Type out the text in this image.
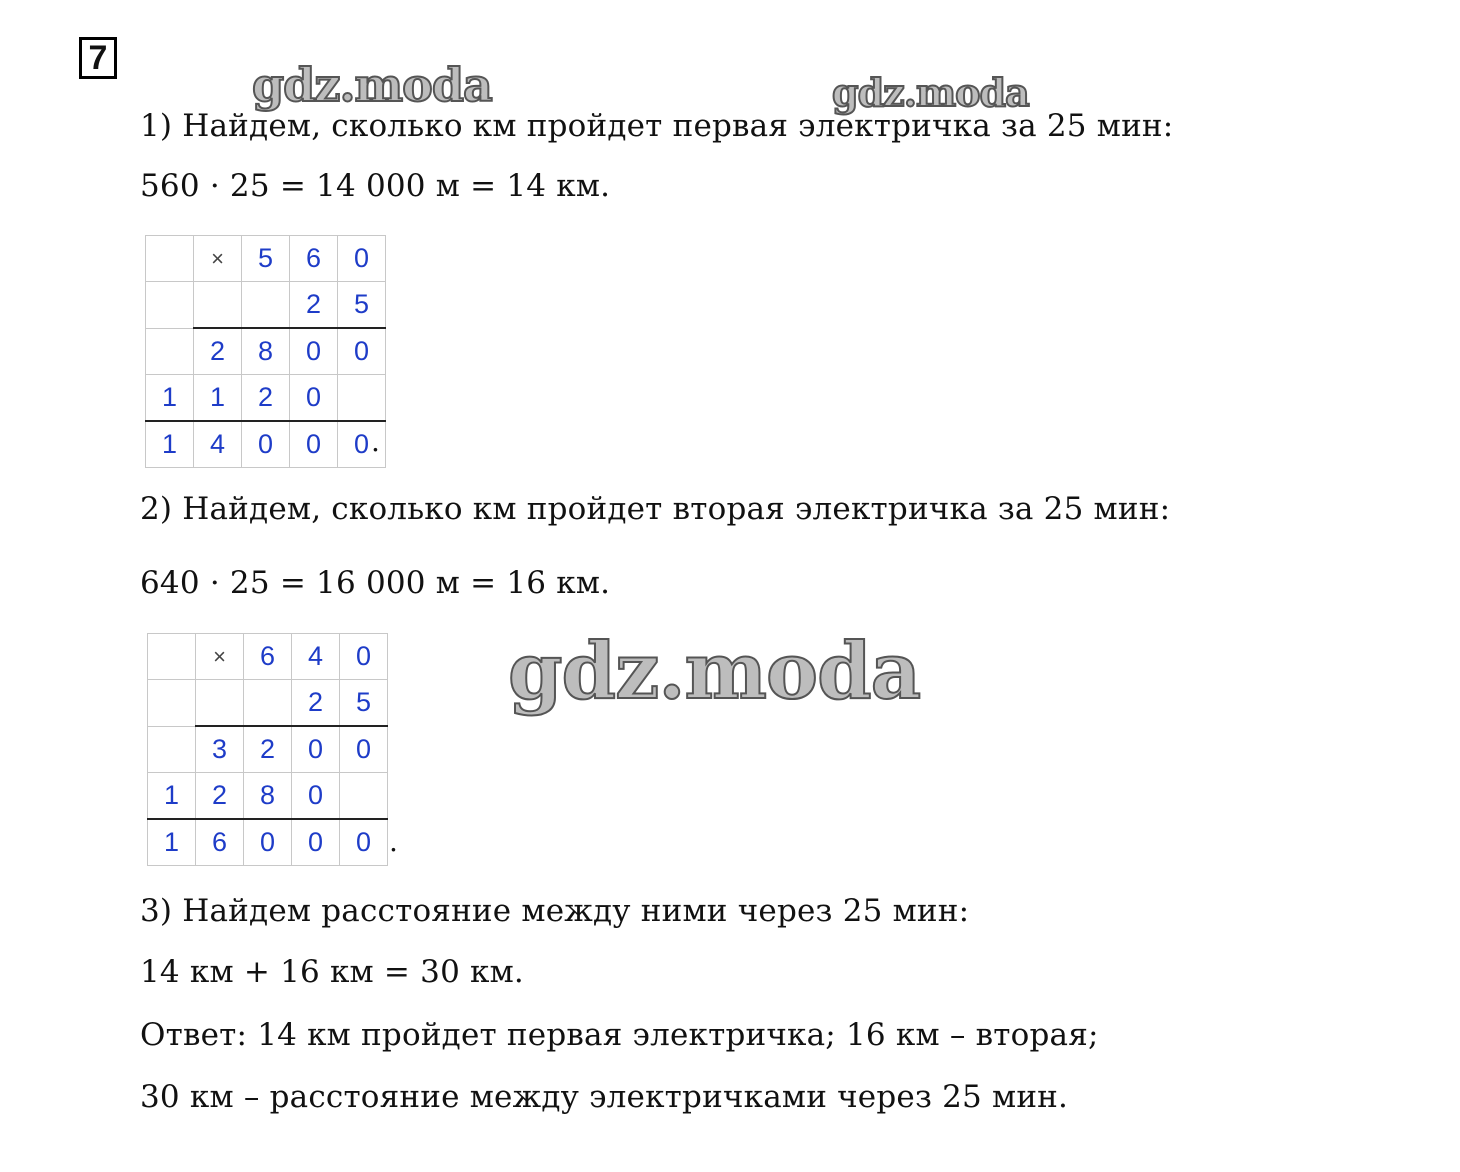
7	gdz.moda	gdz.moda
1) Найдем, сколько км пройдет первая электричка за 25 мин:
560 · 25 = 14 000 м = 14 км.
	×	5	6	0
			2	5
	2	8	0	0
1	1	2	0	
1	4	0	0	0 .
2) Найдем, сколько км пройдет вторая электричка за 25 мин:
640 · 25 = 16 000 м = 16 км.
	×	6	4	0
			2	5
	3	2	0	0
1	2	8	0	
1	6	0	0	0 .
gdz.moda
3) Найдем расстояние между ними через 25 мин:
14 км + 16 км = 30 км.
Ответ: 14 км пройдет первая электричка; 16 км – вторая;
30 км – расстояние между электричками через 25 мин.
